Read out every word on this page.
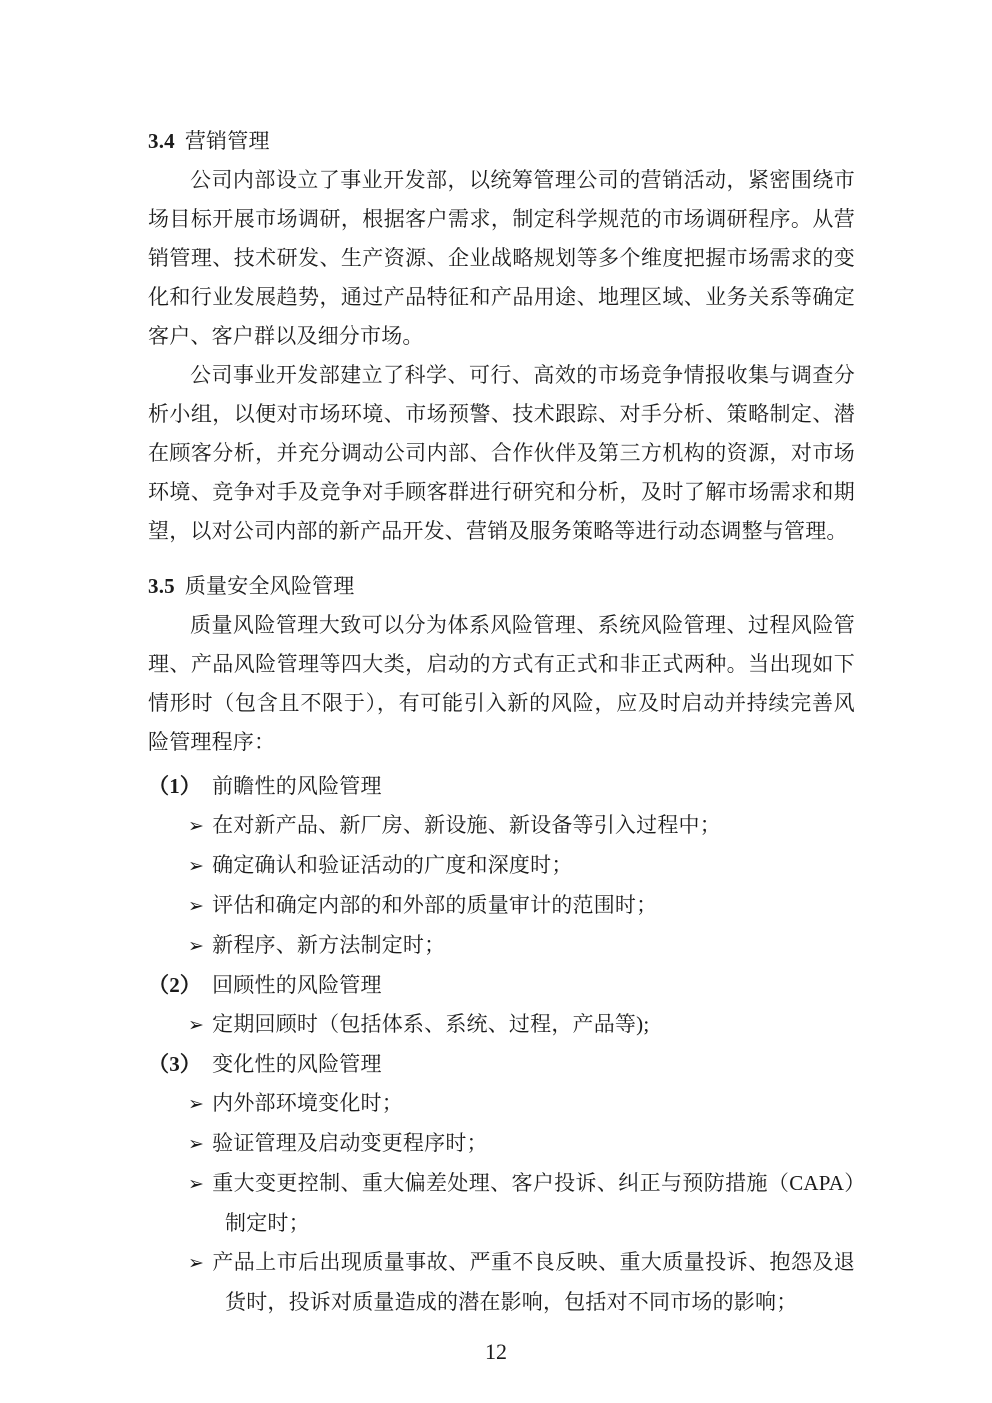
3.4 营销管理

公司内部设立了事业开发部，以统筹管理公司的营销活动，紧密围绕市场目标开展市场调研，根据客户需求，制定科学规范的市场调研程序。从营销管理、技术研发、生产资源、企业战略规划等多个维度把握市场需求的变化和行业发展趋势，通过产品特征和产品用途、地理区域、业务关系等确定客户、客户群以及细分市场。

公司事业开发部建立了科学、可行、高效的市场竞争情报收集与调查分析小组，以便对市场环境、市场预警、技术跟踪、对手分析、策略制定、潜在顾客分析，并充分调动公司内部、合作伙伴及第三方机构的资源，对市场环境、竞争对手及竞争对手顾客群进行研究和分析，及时了解市场需求和期望，以对公司内部的新产品开发、营销及服务策略等进行动态调整与管理。

3.5 质量安全风险管理

质量风险管理大致可以分为体系风险管理、系统风险管理、过程风险管理、产品风险管理等四大类，启动的方式有正式和非正式两种。当出现如下情形时（包含且不限于），有可能引入新的风险，应及时启动并持续完善风险管理程序：

（1） 前瞻性的风险管理
➢ 在对新产品、新厂房、新设施、新设备等引入过程中；
➢ 确定确认和验证活动的广度和深度时；
➢ 评估和确定内部的和外部的质量审计的范围时；
➢ 新程序、新方法制定时；
（2） 回顾性的风险管理
➢ 定期回顾时（包括体系、系统、过程，产品等);
（3） 变化性的风险管理
➢ 内外部环境变化时；
➢ 验证管理及启动变更程序时；
➢ 重大变更控制、重大偏差处理、客户投诉、纠正与预防措施（CAPA）制定时；
➢ 产品上市后出现质量事故、严重不良反映、重大质量投诉、抱怨及退货时，投诉对质量造成的潜在影响，包括对不同市场的影响；
12
